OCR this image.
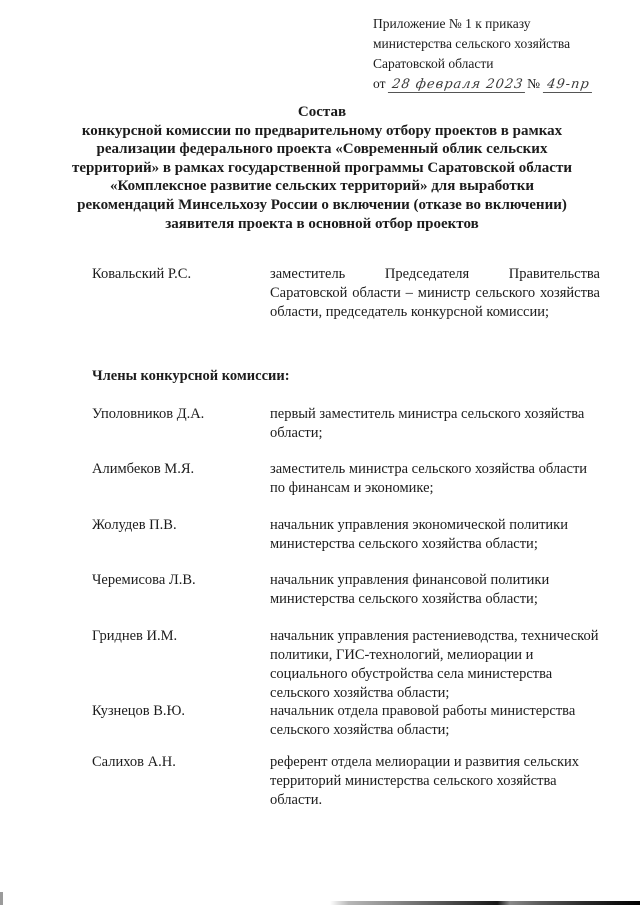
Приложение № 1 к приказу
министерства сельского хозяйства
Саратовской области
от 28 февраля 2023 № 49-пр
Состав
конкурсной комиссии по предварительному отбору проектов в рамках реализации федерального проекта «Современный облик сельских территорий» в рамках государственной программы Саратовской области «Комплексное развитие сельских территорий» для выработки рекомендаций Минсельхозу России о включении (отказе во включении) заявителя проекта в основной отбор проектов
Ковальский Р.С.	заместитель Председателя Правительства Саратовской области – министр сельского хозяйства области, председатель конкурсной комиссии;
Члены конкурсной комиссии:
Уполовников Д.А.	первый заместитель министра сельского хозяйства области;
Алимбеков М.Я.	заместитель министра сельского хозяйства области по финансам и экономике;
Жолудев П.В.	начальник управления экономической политики министерства сельского хозяйства области;
Черемисова Л.В.	начальник управления финансовой политики министерства сельского хозяйства области;
Гриднев И.М.	начальник управления растениеводства, технической политики, ГИС-технологий, мелиорации и социального обустройства села министерства сельского хозяйства области;
Кузнецов В.Ю.	начальник отдела правовой работы министерства сельского хозяйства области;
Салихов А.Н.	референт отдела мелиорации и развития сельских территорий министерства сельского хозяйства области.
